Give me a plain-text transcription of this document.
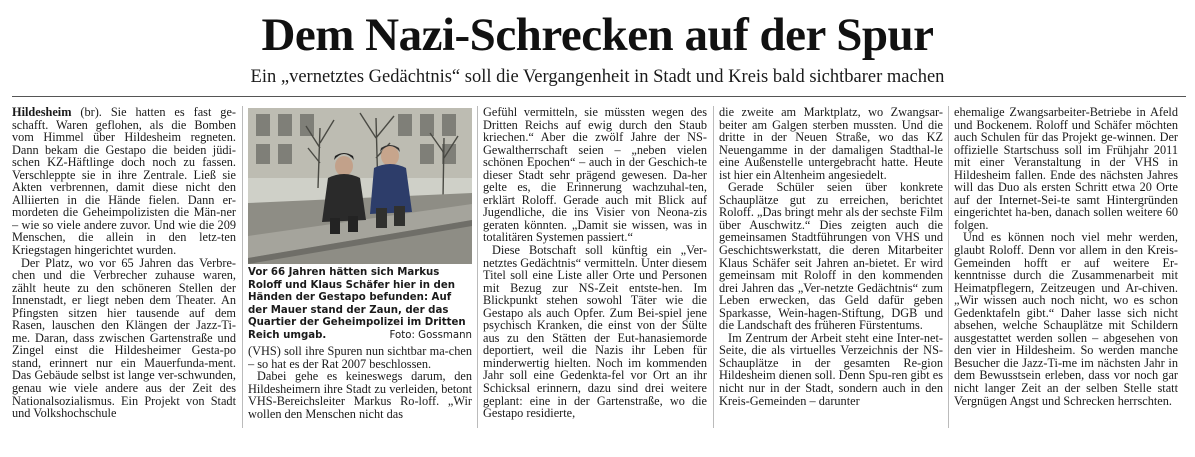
Dem Nazi-Schrecken auf der Spur
Ein „vernetztes Gedächtnis“ soll die Vergangenheit in Stadt und Kreis bald sichtbarer machen

Hildesheim (br). Sie hatten es fast ge-schafft. Waren geflohen, als die Bomben vom Himmel über Hildesheim regneten. Dann bekam die Gestapo die beiden jüdi-schen KZ-Häftlinge doch noch zu fassen. Verschleppte sie in ihre Zentrale. Ließ sie Akten verbrennen, damit diese nicht den Alliierten in die Hände fielen. Dann er-mordeten die Geheimpolizisten die Män-ner – wie so viele andere zuvor. Und wie die 209 Menschen, die allein in den letz-ten Kriegstagen hingerichtet wurden.

Der Platz, wo vor 65 Jahren das Verbre-chen und die Verbrecher zuhause waren, zählt heute zu den schöneren Stellen der Innenstadt, er liegt neben dem Theater. An Pfingsten sitzen hier tausende auf dem Rasen, lauschen den Klängen der Jazz-Ti-me. Daran, dass zwischen Gartenstraße und Zingel einst die Hildesheimer Gesta-po stand, erinnert nur ein Mauerfundа-ment. Das Gebäude selbst ist lange ver-schwunden, genau wie viele andere aus der Zeit des Nationalsozialismus. Ein Projekt von Stadt und Volkshochschule

Vor 66 Jahren hätten sich Markus Roloff und Klaus Schäfer hier in den Händen der Gestapo befunden: Auf der Mauer stand der Zaun, der das Quartier der Geheimpolizei im Dritten Reich umgab.	Foto: Gossmann

(VHS) soll ihre Spuren nun sichtbar ma-chen – so hat es der Rat 2007 beschlossen.

Dabei gehe es keineswegs darum, den Hildesheimern ihre Stadt zu verleiden, betont VHS-Bereichsleiter Markus Ro-loff. „Wir wollen den Menschen nicht das

Gefühl vermitteln, sie müssten wegen des Dritten Reichs auf ewig durch den Staub kriechen.“ Aber die zwölf Jahre der NS-Gewaltherrschaft seien – „neben vielen schönen Epochen“ – auch in der Geschich-te dieser Stadt sehr prägend gewesen. Da-her gelte es, die Erinnerung wachzuhal-ten, erklärt Roloff. Gerade auch mit Blick auf Jugendliche, die ins Visier von Neona-zis geraten könnten. „Damit sie wissen, was in totalitären Systemen passiert.“

Diese Botschaft soll künftig ein „Ver-netztes Gedächtnis“ vermitteln. Unter diesem Titel soll eine Liste aller Orte und Personen mit Bezug zur NS-Zeit entste-hen. Im Blickpunkt stehen sowohl Täter wie die Gestapo als auch Opfer. Zum Bei-spiel jene psychisch Kranken, die einst von der Sülte aus zu den Stätten der Eut-hanasiemorde deportiert, weil die Nazis ihr Leben für minderwertig hielten. Noch im kommenden Jahr soll eine Gedenktа-fel vor Ort an ihr Schicksal erinnern, dazu sind drei weitere geplant: eine in der Gartenstraße, wo die Gestapo residierte,

die zweite am Marktplatz, wo Zwangsar-beiter am Galgen sterben mussten. Und die dritte in der Neuen Straße, wo das KZ Neuengamme in der damaligen Stadthal-le eine Außenstelle untergebracht hatte. Heute ist hier ein Altenheim angesiedelt.

Gerade Schüler seien über konkrete Schauplätze gut zu erreichen, berichtet Roloff. „Das bringt mehr als der sechste Film über Auschwitz.“ Dies zeigten auch die gemeinsamen Stadtführungen von VHS und Geschichtswerkstatt, die deren Mitarbeiter Klaus Schäfer seit Jahren an-bietet. Er wird gemeinsam mit Roloff in den kommenden drei Jahren das „Ver-netzte Gedächtnis“ zum Leben erwecken, das Geld dafür geben Sparkasse, Wein-hagen-Stiftung, DGB und die Landschaft des früheren Fürstentums.

Im Zentrum der Arbeit steht eine Inter-net-Seite, die als virtuelles Verzeichnis der NS-Schauplätze in der gesamten Re-gion Hildesheim dienen soll. Denn Spu-ren gibt es nicht nur in der Stadt, sondern auch in den Kreis-Gemeinden – darunter

ehemalige Zwangsarbeiter-Betriebe in Afeld und Bockenem. Roloff und Schäfer möchten auch Schulen für das Projekt ge-winnen. Der offizielle Startschuss soll im Frühjahr 2011 mit einer Veranstaltung in der VHS in Hildesheim fallen. Ende des nächsten Jahres will das Duo als ersten Schritt etwa 20 Orte auf der Internet-Sei-te samt Hintergründen eingerichtet ha-ben, danach sollen weitere 60 folgen.

Und es können noch viel mehr werden, glaubt Roloff. Denn vor allem in den Kreis-Gemeinden hofft er auf weitere Er-kenntnisse durch die Zusammenarbeit mit Heimatpflegern, Zeitzeugen und Ar-chiven. „Wir wissen auch noch nicht, wo es schon Gedenktafeln gibt.“ Daher lasse sich nicht absehen, welche Schauplätze mit Schildern ausgestattet werden sollen – abgesehen von den vier in Hildesheim. So werden manche Besucher die Jazz-Ti-me im nächsten Jahr in dem Bewusstsein erleben, dass vor noch gar nicht langer Zeit an der selben Stelle statt Vergnügen Angst und Schrecken herrschten.
